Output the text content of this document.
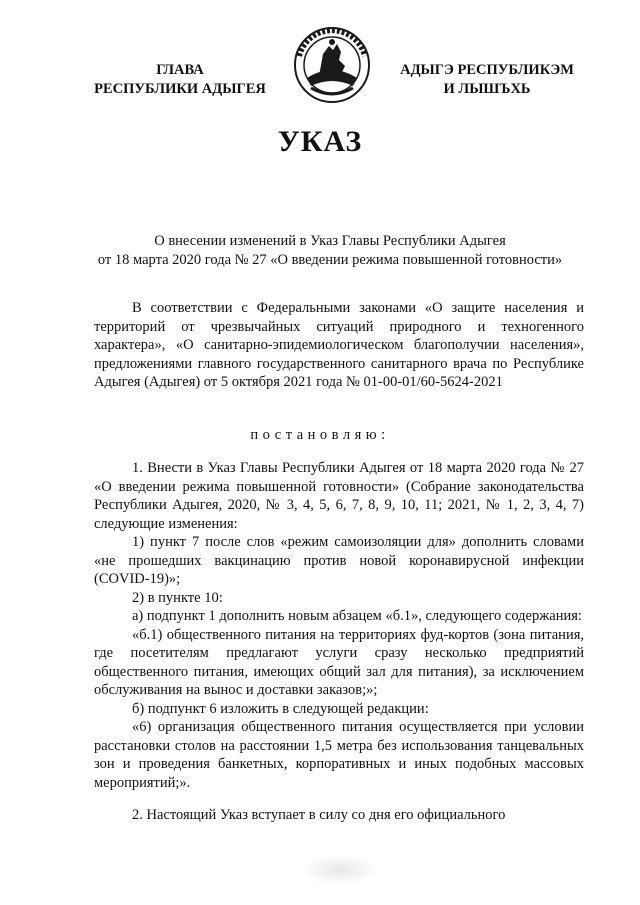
ГЛАВА
РЕСПУБЛИКИ АДЫГЕЯ
АДЫГЭ РЕСПУБЛИКЭМ
И ЛЫШЪХЬ
УКАЗ
О внесении изменений в Указ Главы Республики Адыгея
от 18 марта 2020 года № 27 «О введении режима повышенной готовности»
В соответствии с Федеральными законами «О защите населения и территорий от чрезвычайных ситуаций природного и техногенного характера», «О санитарно-эпидемиологическом благополучии населения», предложениями главного государственного санитарного врача по Республике Адыгея (Адыгея) от 5 октября 2021 года № 01-00-01/60-5624-2021
постановляю:

1. Внести в Указ Главы Республики Адыгея от 18 марта 2020 года № 27 «О введении режима повышенной готовности» (Собрание законодательства Республики Адыгея, 2020, № 3, 4, 5, 6, 7, 8, 9, 10, 11; 2021, № 1, 2, 3, 4, 7) следующие изменения:

1) пункт 7 после слов «режим самоизоляции для» дополнить словами «не прошедших вакцинацию против новой коронавирусной инфекции (COVID-19)»;

2) в пункте 10:

а) подпункт 1 дополнить новым абзацем «б.1», следующего содержания:

«б.1) общественного питания на территориях фуд-кортов (зона питания, где посетителям предлагают услуги сразу несколько предприятий общественного питания, имеющих общий зал для питания), за исключением обслуживания на вынос и доставки заказов;»;

б) подпункт 6 изложить в следующей редакции:

«6) организация общественного питания осуществляется при условии расстановки столов на расстоянии 1,5 метра без использования танцевальных зон и проведения банкетных, корпоративных и иных подобных массовых мероприятий;».

2. Настоящий Указ вступает в силу со дня его официального
